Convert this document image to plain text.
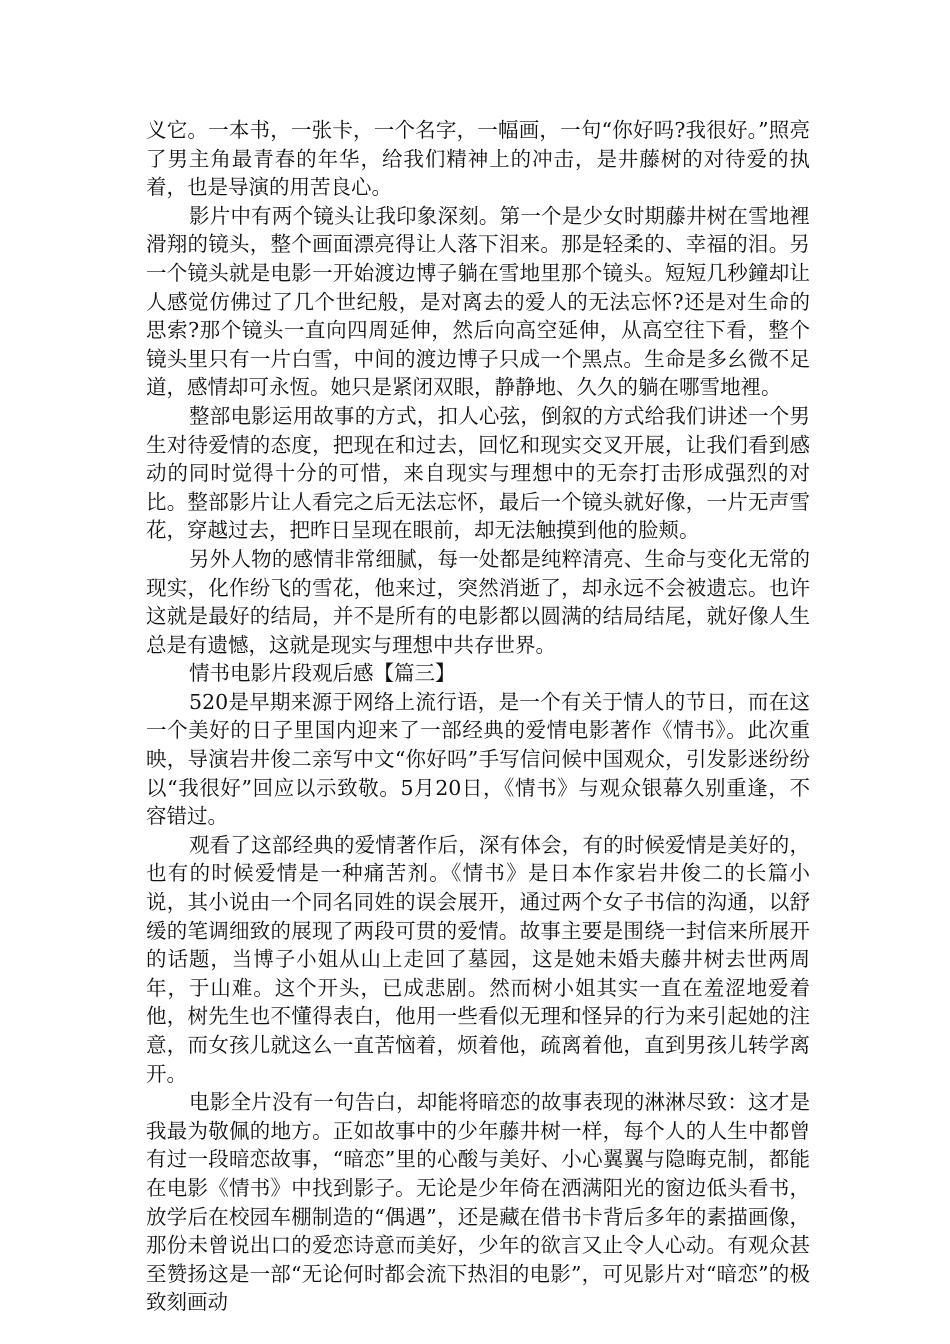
义它。一本书，一张卡，一个名字，一幅画，一句“你好吗?我很好。”照亮了男主角最青春的年华，给我们精神上的冲击，是井藤树的对待爱的执着，也是导演的用苦良心。

影片中有两个镜头让我印象深刻。第一个是少女时期藤井树在雪地裡滑翔的镜头，整个画面漂亮得让人落下泪来。那是轻柔的、幸福的泪。另一个镜头就是电影一开始渡边博子躺在雪地里那个镜头。短短几秒鐘却让人感觉仿佛过了几个世纪般，是对离去的爱人的无法忘怀?还是对生命的思索?那个镜头一直向四周延伸，然后向高空延伸，从高空往下看，整个镜头里只有一片白雪，中间的渡边博子只成一个黑点。生命是多幺微不足道，感情却可永恆。她只是紧闭双眼，静静地、久久的躺在哪雪地裡。

整部电影运用故事的方式，扣人心弦，倒叙的方式给我们讲述一个男生对待爱情的态度，把现在和过去，回忆和现实交叉开展，让我们看到感动的同时觉得十分的可惜，来自现实与理想中的无奈打击形成强烈的对比。整部影片让人看完之后无法忘怀，最后一个镜头就好像，一片无声雪花，穿越过去，把昨日呈现在眼前，却无法触摸到他的脸颊。

另外人物的感情非常细腻，每一处都是纯粹清亮、生命与变化无常的现实，化作纷飞的雪花，他来过，突然消逝了，却永远不会被遗忘。也许这就是最好的结局，并不是所有的电影都以圆满的结局结尾，就好像人生总是有遗憾，这就是现实与理想中共存世界。

情书电影片段观后感【篇三】

520是早期来源于网络上流行语，是一个有关于情人的节日，而在这一个美好的日子里国内迎来了一部经典的爱情电影著作《情书》。此次重映，导演岩井俊二亲写中文“你好吗”手写信问候中国观众，引发影迷纷纷以“我很好”回应以示致敬。5月20日，《情书》与观众银幕久别重逢，不容错过。

观看了这部经典的爱情著作后，深有体会，有的时候爱情是美好的，也有的时候爱情是一种痛苦剂。《情书》是日本作家岩井俊二的长篇小说，其小说由一个同名同姓的误会展开，通过两个女子书信的沟通，以舒缓的笔调细致的展现了两段可贯的爱情。故事主要是围绕一封信来所展开的话题，当博子小姐从山上走回了墓园，这是她未婚夫藤井树去世两周年，于山难。这个开头，已成悲剧。然而树小姐其实一直在羞涩地爱着他，树先生也不懂得表白，他用一些看似无理和怪异的行为来引起她的注意，而女孩儿就这么一直苦恼着，烦着他，疏离着他，直到男孩儿转学离开。

电影全片没有一句告白，却能将暗恋的故事表现的淋淋尽致：这才是我最为敬佩的地方。正如故事中的少年藤井树一样，每个人的人生中都曾有过一段暗恋故事，“暗恋”里的心酸与美好、小心翼翼与隐晦克制，都能在电影《情书》中找到影子。无论是少年倚在洒满阳光的窗边低头看书，放学后在校园车棚制造的“偶遇”，还是藏在借书卡背后多年的素描画像，那份未曾说出口的爱恋诗意而美好，少年的欲言又止令人心动。有观众甚至赞扬这是一部“无论何时都会流下热泪的电影”，可见影片对“暗恋”的极致刻画动
